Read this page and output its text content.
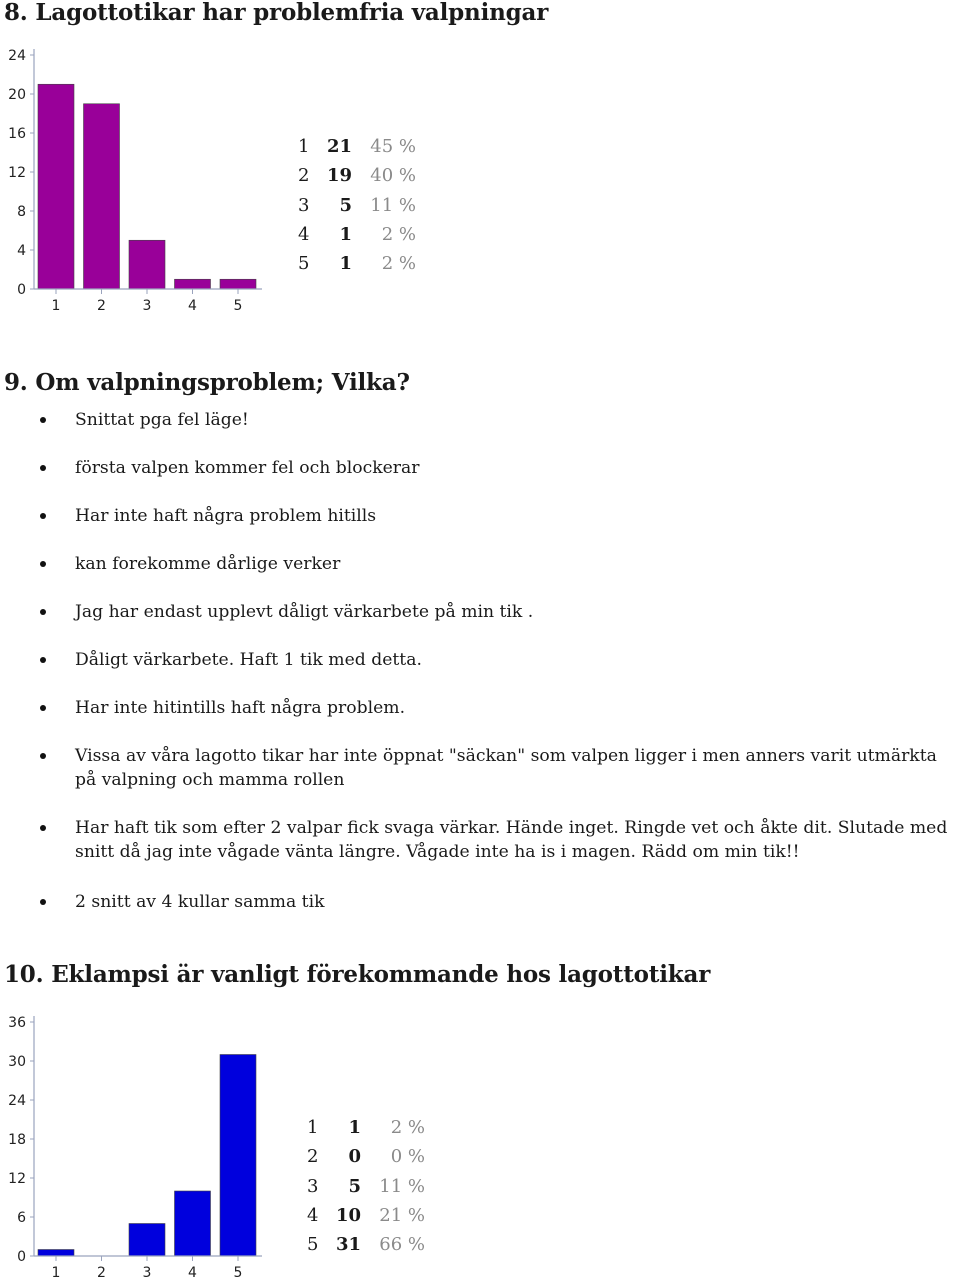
8. Lagottotikar har problemfria valpningar
0
4
8
12
16
20
24
1	2	3	4	5
1 21 45 %
2 19 40 %
3 5 11 %
4 1 2 %
5 1 2 %
9. Om valpningsproblem; Vilka?
Snittat pga fel läge!
första valpen kommer fel och blockerar
Har inte haft några problem hitills
kan forekomme dårlige verker
Jag har endast upplevt dåligt värkarbete på min tik .
Dåligt värkarbete. Haft 1 tik med detta.
Har inte hitintills haft några problem.
Vissa av våra lagotto tikar har inte öppnat "säckan" som valpen ligger i men anners varit utmärkta på valpning och mamma rollen
Har haft tik som efter 2 valpar fick svaga värkar. Hände inget. Ringde vet och åkte dit. Slutade med snitt då jag inte vågade vänta längre. Vågade inte ha is i magen. Rädd om min tik!!
2 snitt av 4 kullar samma tik
10. Eklampsi är vanligt förekommande hos lagottotikar
0
6
12
18
24
30
36
1	2	3	4	5
1 1 2 %
2 0 0 %
3 5 11 %
4 10 21 %
5 31 66 %
